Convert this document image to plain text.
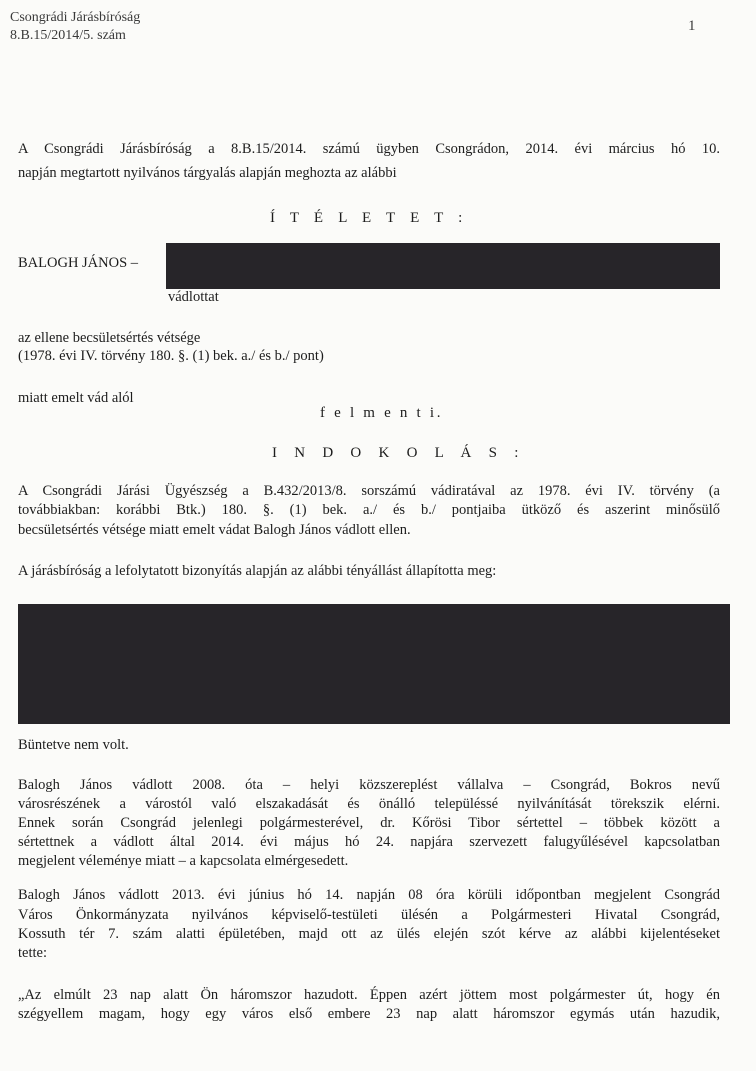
Csongrádi Járásbíróság
8.B.15/2014/5. szám
1
A Csongrádi Járásbíróság a 8.B.15/2014. számú ügyben Csongrádon, 2014. évi március hó 10.
napján megtartott nyilvános tárgyalás alapján meghozta az alábbi
Í T É L E T E T :
BALOGH JÁNOS –
vádlottat
az ellene becsületsértés vétsége
(1978. évi IV. törvény 180. §. (1) bek. a./ és b./ pont)
miatt emelt vád alól
f e l m e n t i.
I N D O K O L Á S :
A Csongrádi Járási Ügyészség a B.432/2013/8. sorszámú vádiratával az 1978. évi IV. törvény (a
továbbiakban: korábbi Btk.) 180. §. (1) bek. a./ és b./ pontjaiba ütköző és aszerint minősülő
becsületsértés vétsége miatt emelt vádat Balogh János vádlott ellen.
A járásbíróság a lefolytatott bizonyítás alapján az alábbi tényállást állapította meg:
Büntetve nem volt.
Balogh János vádlott 2008. óta – helyi közszereplést vállalva – Csongrád, Bokros nevű
városrészének a várostól való elszakadását és önálló településsé nyilvánítását törekszik elérni.
Ennek során Csongrád jelenlegi polgármesterével, dr. Kőrösi Tibor sértettel – többek között a
sértettnek a vádlott által 2014. évi május hó 24. napjára szervezett falugyűlésével kapcsolatban
megjelent véleménye miatt – a kapcsolata elmérgesedett.
Balogh János vádlott 2013. évi június hó 14. napján 08 óra körüli időpontban megjelent Csongrád
Város Önkormányzata nyilvános képviselő-testületi ülésén a Polgármesteri Hivatal Csongrád,
Kossuth tér 7. szám alatti épületében, majd ott az ülés elején szót kérve az alábbi kijelentéseket
tette:
„Az elmúlt 23 nap alatt Ön háromszor hazudott. Éppen azért jöttem most polgármester út, hogy én
szégyellem magam, hogy egy város első embere 23 nap alatt háromszor egymás után hazudik,
